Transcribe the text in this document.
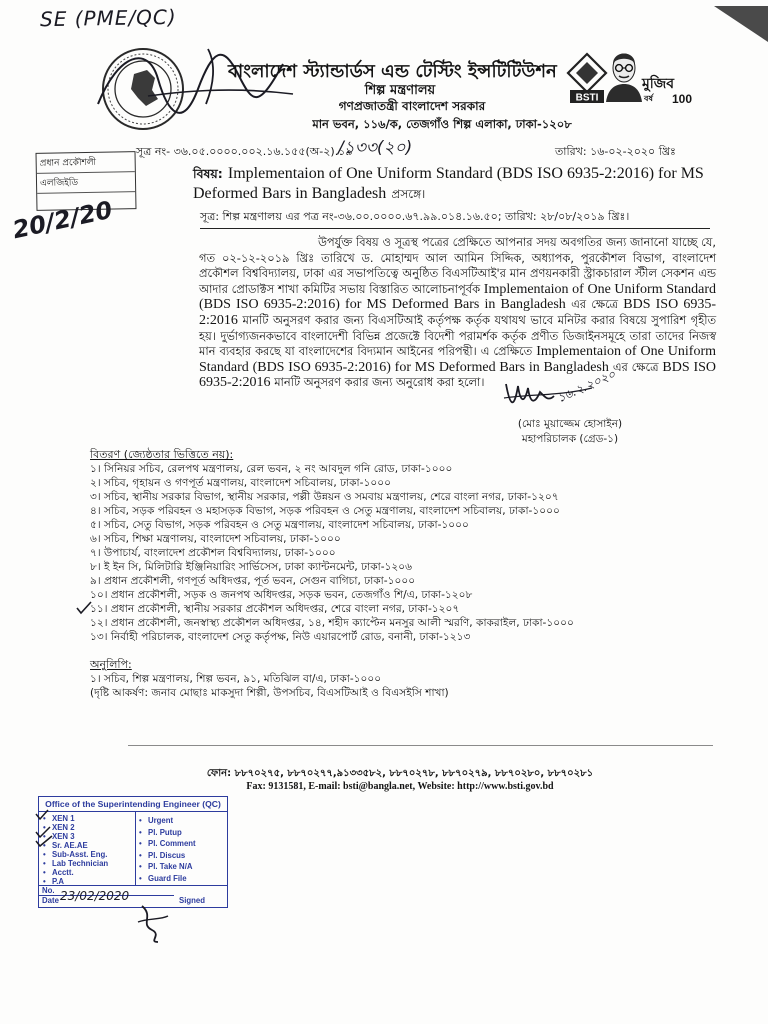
SE (PME/QC)
বাংলাদেশ স্ট্যান্ডার্ডস এন্ড টেস্টিং ইন্সটিটিউশন
শিল্প মন্ত্রণালয়
গণপ্রজাতন্ত্রী বাংলাদেশ সরকার
মান ভবন, ১১৬/ক, তেজগাঁও শিল্প এলাকা, ঢাকা-১২০৮
BSTI
মুজিব
বর্ষ 100
সূত্র নং- ৩৬.০৫.০০০০.০০২.১৬.১৫৫(অ-২).১৯
/১৩৩(২০)	তারিখ: ১৬-০২-২০২০ খ্রিঃ
প্রধান প্রকৌশলী
এলজিইডি
20/2/20
বিষয়: Implementaion of One Uniform Standard (BDS ISO 6935-2:2016) for MS Deformed Bars in Bangladesh প্রসঙ্গে।
সূত্র: শিল্প মন্ত্রণালয় এর পত্র নং-৩৬.০০.০০০০.৬৭.৯৯.০১৪.১৬.৫০; তারিখ: ২৮/০৮/২০১৯ খ্রিঃ।
উপর্যুক্ত বিষয় ও সূত্রস্থ পত্রের প্রেক্ষিতে আপনার সদয় অবগতির জন্য জানানো যাচ্ছে যে, গত ০২-১২-২০১৯ খ্রিঃ তারিখে ড. মোহাম্মদ আল আমিন সিদ্দিক, অধ্যাপক, পুরকৌশল বিভাগ, বাংলাদেশ প্রকৌশল বিশ্ববিদ্যালয়, ঢাকা এর সভাপতিত্বে অনুষ্ঠিত বিএসটিআই'র মান প্রণয়নকারী স্ট্রাকচারাল স্টীল সেকশন এন্ড আদার প্রোডাক্টস শাখা কমিটির সভায় বিস্তারিত আলোচনাপূর্বক Implementaion of One Uniform Standard (BDS ISO 6935-2:2016) for MS Deformed Bars in Bangladesh এর ক্ষেত্রে BDS ISO 6935-2:2016 মানটি অনুসরণ করার জন্য বিএসটিআই কর্তৃপক্ষ কর্তৃক যথাযথ ভাবে মনিটর করার বিষয়ে সুপারিশ গৃহীত হয়। দুর্ভাগ্যজনকভাবে বাংলাদেশী বিভিন্ন প্রজেক্টে বিদেশী পরামর্শক কর্তৃক প্রণীত ডিজাইনসমূহে তারা তাদের নিজস্ব মান ব্যবহার করছে যা বাংলাদেশের বিদ্যমান আইনের পরিপন্থী। এ প্রেক্ষিতে Implementaion of One Uniform Standard (BDS ISO 6935-2:2016) for MS Deformed Bars in Bangladesh এর ক্ষেত্রে BDS ISO 6935-2:2016 মানটি অনুসরণ করার জন্য অনুরোধ করা হলো।	১৬.২.২০২০
(মোঃ মুয়াজ্জেম হোসাইন)
মহাপরিচালক (গ্রেড-১)
বিতরণ (জ্যেষ্ঠতার ভিত্তিতে নয়):
১। সিনিয়র সচিব, রেলপথ মন্ত্রণালয়, রেল ভবন, ২ নং আবদুল গনি রোড, ঢাকা-১০০০
২। সচিব, গৃহায়ন ও গণপূর্ত মন্ত্রণালয়, বাংলাদেশ সচিবালয়, ঢাকা-১০০০
৩। সচিব, স্থানীয় সরকার বিভাগ, স্থানীয় সরকার, পল্লী উন্নয়ন ও সমবায় মন্ত্রণালয়, শেরে বাংলা নগর, ঢাকা-১২০৭
৪। সচিব, সড়ক পরিবহন ও মহাসড়ক বিভাগ, সড়ক পরিবহন ও সেতু মন্ত্রণালয়, বাংলাদেশ সচিবালয়, ঢাকা-১০০০
৫। সচিব, সেতু বিভাগ, সড়ক পরিবহন ও সেতু মন্ত্রণালয়, বাংলাদেশ সচিবালয়, ঢাকা-১০০০
৬। সচিব, শিক্ষা মন্ত্রণালয়, বাংলাদেশ সচিবালয়, ঢাকা-১০০০
৭। উপাচার্য, বাংলাদেশ প্রকৌশল বিশ্ববিদ্যালয়, ঢাকা-১০০০
৮। ই ইন সি, মিলিটারি ইঞ্জিনিয়ারিং সার্ভিসেস, ঢাকা ক্যান্টনমেন্ট, ঢাকা-১২০৬
৯। প্রধান প্রকৌশলী, গণপূর্ত অধিদপ্তর, পূর্ত ভবন, সেগুন বাগিচা, ঢাকা-১০০০
১০। প্রধান প্রকৌশলী, সড়ক ও জনপথ অধিদপ্তর, সড়ক ভবন, তেজগাঁও শি/এ, ঢাকা-১২০৮
১১। প্রধান প্রকৌশলী, স্থানীয় সরকার প্রকৌশল অধিদপ্তর, শেরে বাংলা নগর, ঢাকা-১২০৭
১২। প্রধান প্রকৌশলী, জনস্বাস্থ্য প্রকৌশল অধিদপ্তর, ১৪, শহীদ ক্যাপ্টেন মনসুর আলী স্মরণি, কাকরাইল, ঢাকা-১০০০
১৩। নির্বাহী পরিচালক, বাংলাদেশ সেতু কর্তৃপক্ষ, নিউ এয়ারপোর্ট রোড, বনানী, ঢাকা-১২১৩
অনুলিপি:
১। সচিব, শিল্প মন্ত্রণালয়, শিল্প ভবন, ৯১, মতিঝিল বা/এ, ঢাকা-১০০০
(দৃষ্টি আকর্ষণ: জনাব মোছাঃ মাকসুদা শিল্পী, উপসচিব, বিএসটিআই ও বিএসইসি শাখা)
ফোন: ৮৮৭০২৭৫, ৮৮৭০২৭৭,৯১৩৩৫৮২, ৮৮৭০২৭৮, ৮৮৭০২৭৯, ৮৮৭০২৮০, ৮৮৭০২৮১
Fax: 9131581, E-mail: bsti@bangla.net, Website: http://www.bsti.gov.bd
Office of the Superintending Engineer (QC)
• XEN 1
• XEN 2
• XEN 3
• Sr. AE.AE
• Sub-Asst. Eng.
• Lab Technician
• Acctt.
• P.A
• Urgent
• Pl. Putup
• Pl. Comment
• Pl. Discus
• Pl. Take N/A
• Guard File
No.
Date	Signed
23/02/2020
